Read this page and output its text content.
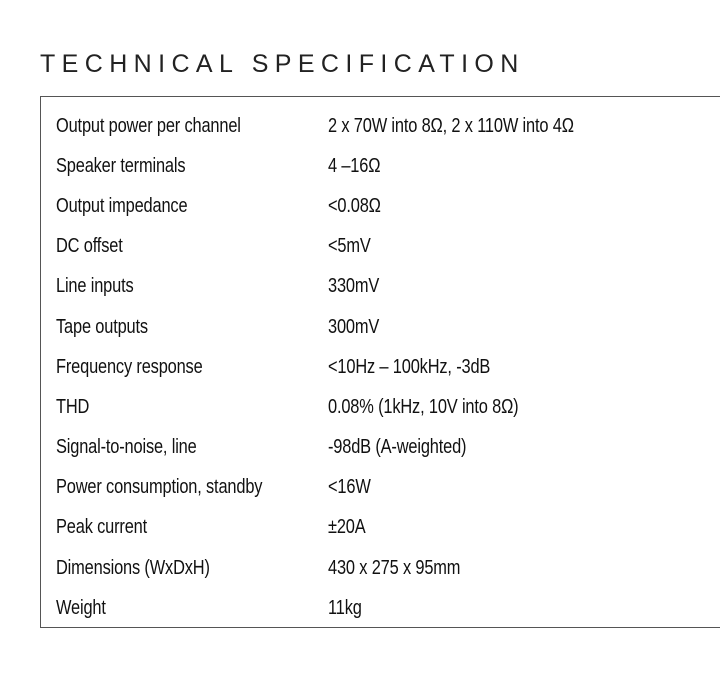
TECHNICAL SPECIFICATION
Output power per channel	2 x 70W into 8Ω, 2 x 110W into 4Ω
Speaker terminals	4 –16Ω
Output impedance	<0.08Ω
DC offset	<5mV
Line inputs	330mV
Tape outputs	300mV
Frequency response	<10Hz – 100kHz, -3dB
THD	0.08% (1kHz, 10V into 8Ω)
Signal-to-noise, line	-98dB (A-weighted)
Power consumption, standby	<16W
Peak current	±20A
Dimensions (WxDxH)	430 x 275 x 95mm
Weight	11kg
